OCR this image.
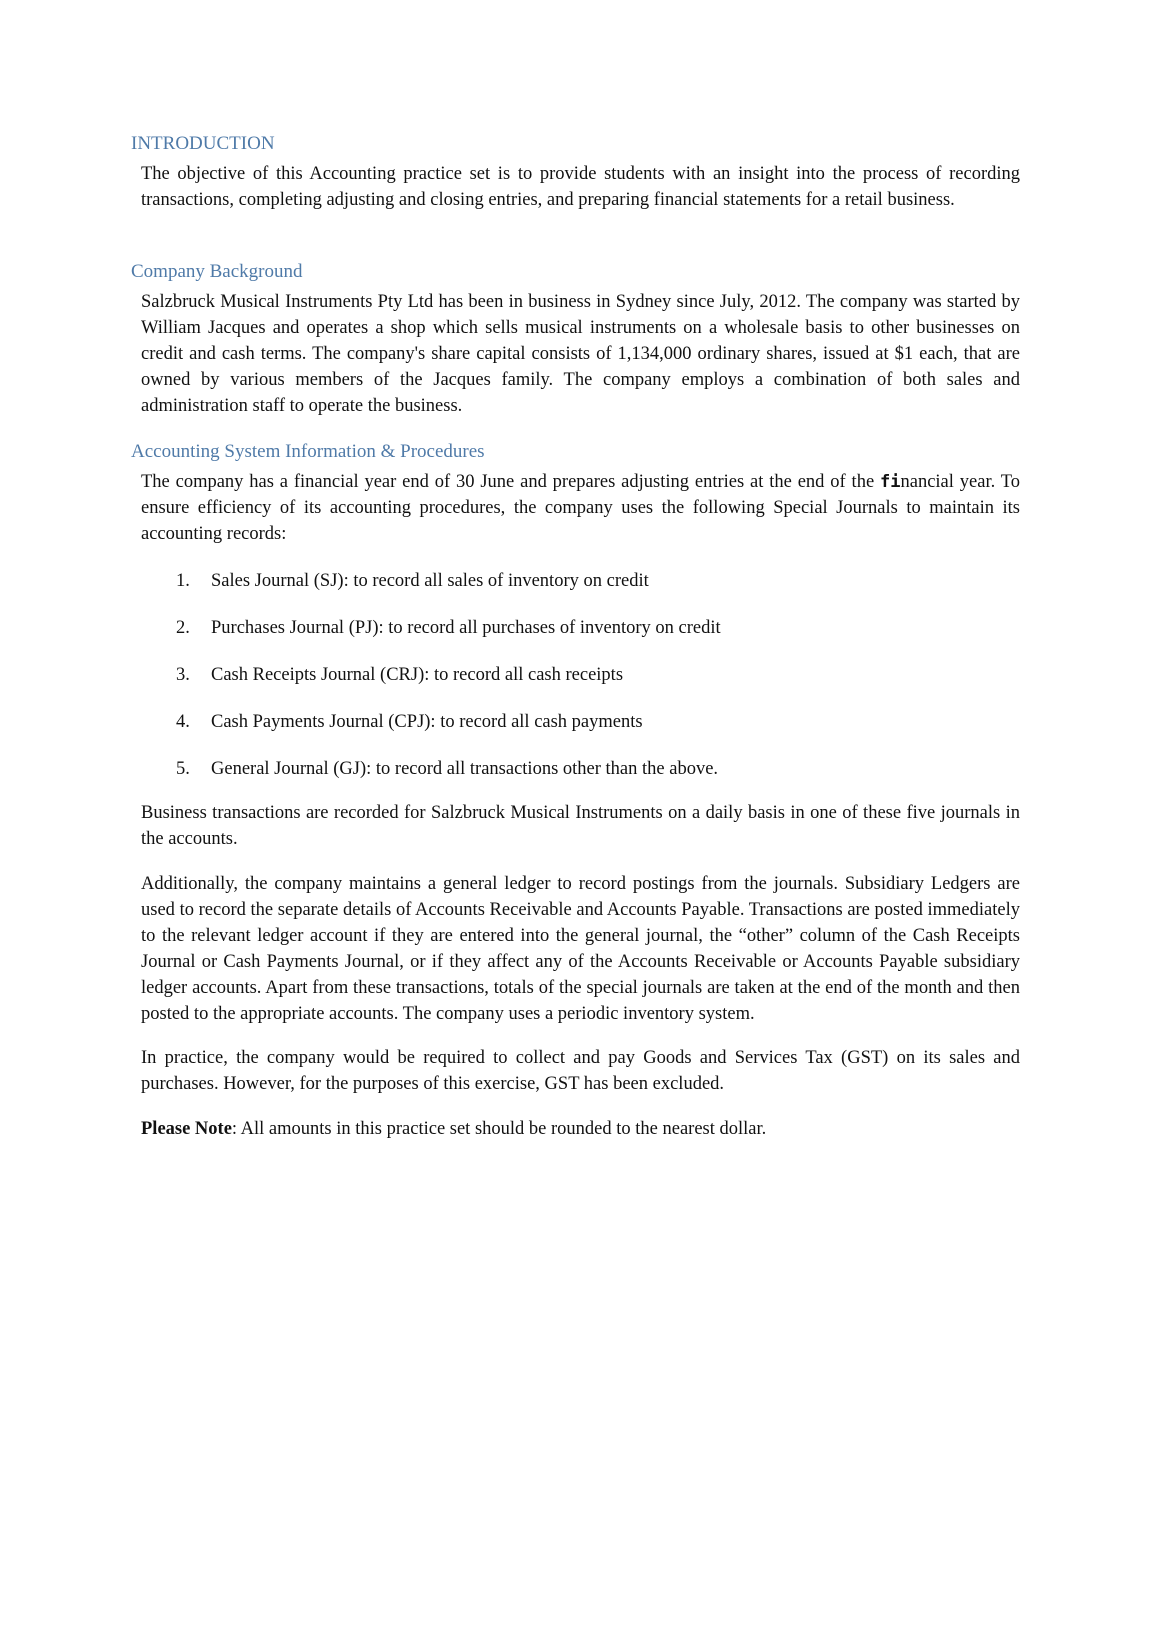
INTRODUCTION

The objective of this Accounting practice set is to provide students with an insight into the process of recording transactions, completing adjusting and closing entries, and preparing financial statements for a retail business.

Company Background

Salzbruck Musical Instruments Pty Ltd has been in business in Sydney since July, 2012. The company was started by William Jacques and operates a shop which sells musical instruments on a wholesale basis to other businesses on credit and cash terms. The company's share capital consists of 1,134,000 ordinary shares, issued at $1 each, that are owned by various members of the Jacques family. The company employs a combination of both sales and administration staff to operate the business.

Accounting System Information & Procedures

The company has a financial year end of 30 June and prepares adjusting entries at the end of the financial year. To ensure efficiency of its accounting procedures, the company uses the following Special Journals to maintain its accounting records:

1.	Sales Journal (SJ): to record all sales of inventory on credit
2.	Purchases Journal (PJ): to record all purchases of inventory on credit
3.	Cash Receipts Journal (CRJ): to record all cash receipts
4.	Cash Payments Journal (CPJ): to record all cash payments
5.	General Journal (GJ): to record all transactions other than the above.

Business transactions are recorded for Salzbruck Musical Instruments on a daily basis in one of these five journals in the accounts.

Additionally, the company maintains a general ledger to record postings from the journals. Subsidiary Ledgers are used to record the separate details of Accounts Receivable and Accounts Payable. Transactions are posted immediately to the relevant ledger account if they are entered into the general journal, the “other” column of the Cash Receipts Journal or Cash Payments Journal, or if they affect any of the Accounts Receivable or Accounts Payable subsidiary ledger accounts. Apart from these transactions, totals of the special journals are taken at the end of the month and then posted to the appropriate accounts. The company uses a periodic inventory system.

In practice, the company would be required to collect and pay Goods and Services Tax (GST) on its sales and purchases. However, for the purposes of this exercise, GST has been excluded.

Please Note: All amounts in this practice set should be rounded to the nearest dollar.
